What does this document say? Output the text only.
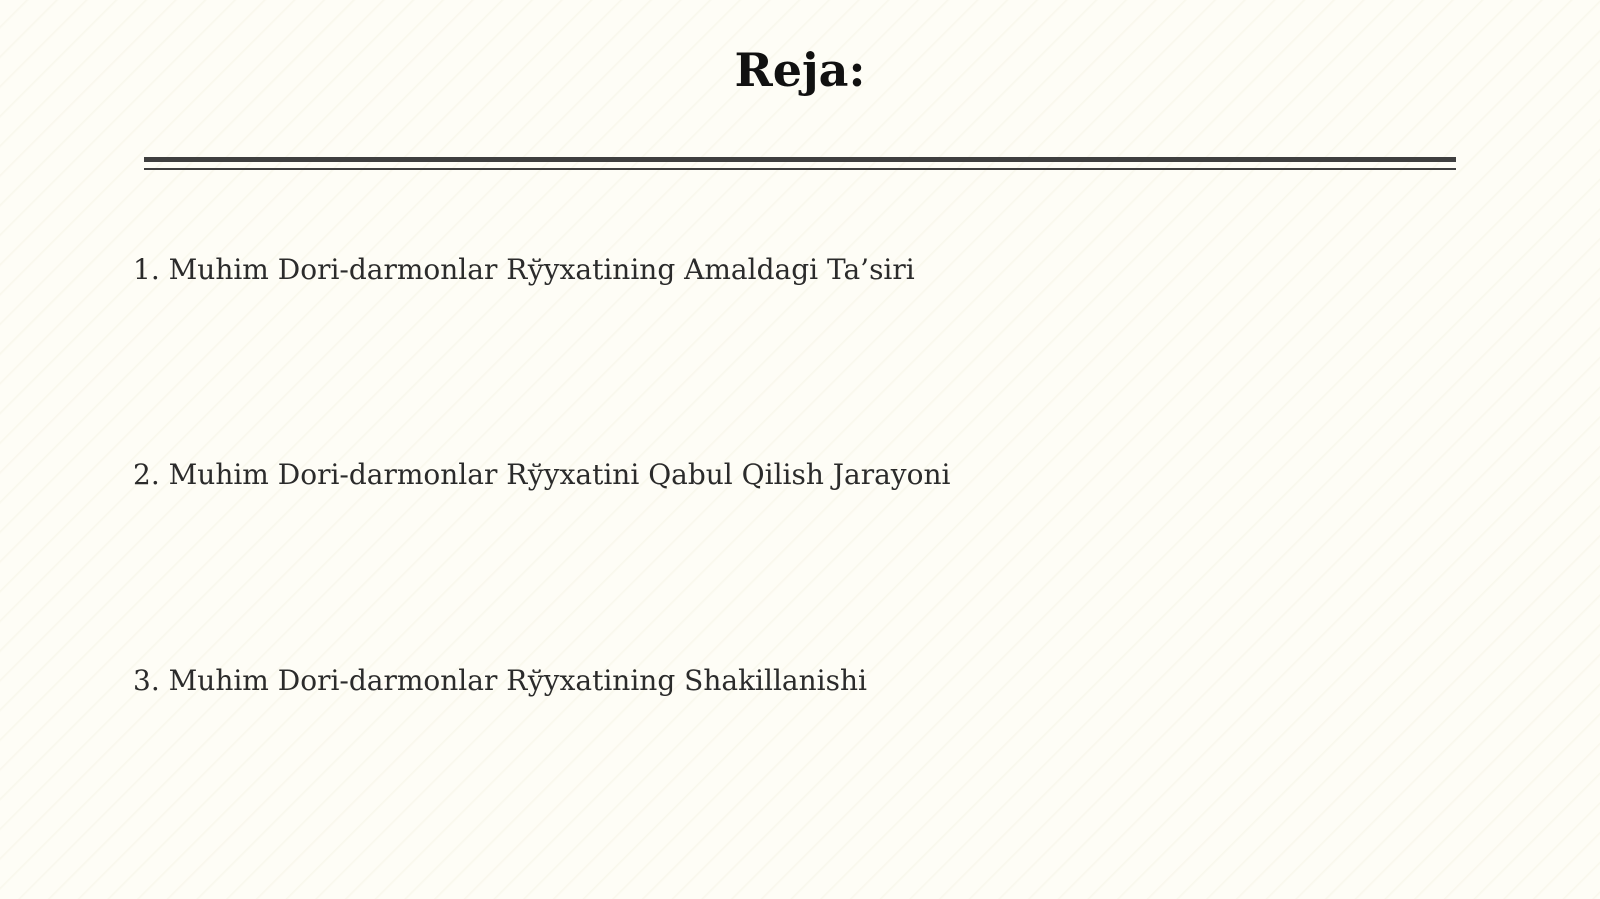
Reja:
1. Muhim Dori-darmonlar Rўyxatining Amaldagi Ta’siri
2. Muhim Dori-darmonlar Rўyxatini Qabul Qilish Jarayoni
3. Muhim Dori-darmonlar Rўyxatining Shakillanishi
